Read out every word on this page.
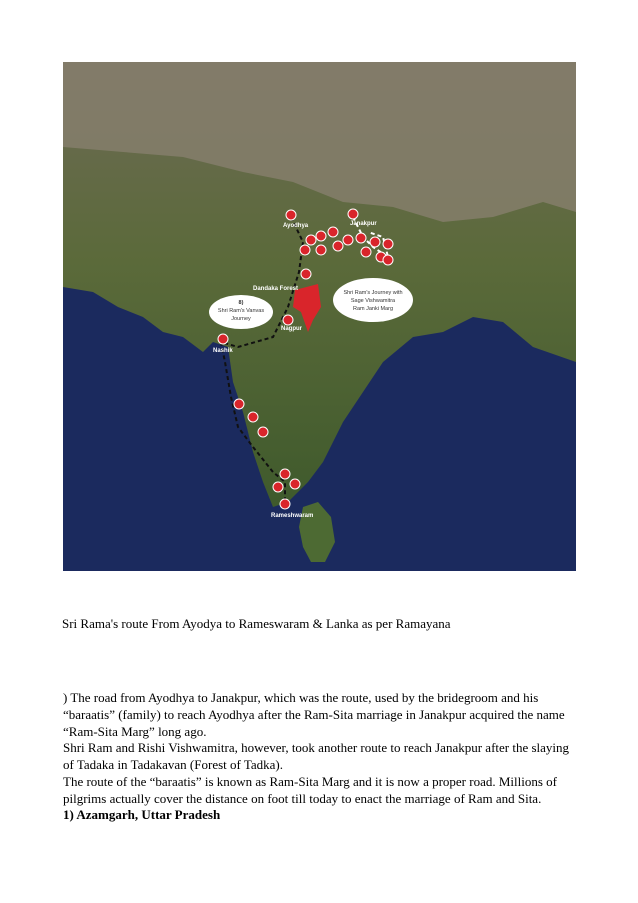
Ayodhya	Janakpur
Dandaka Forest
Nagpur
Nashik
Rameshwaram
8)
Shri Ram's Vanvas
Journey
Shri Ram's Journey with
Sage Vishwamitra
Ram Janki Marg
Sri Rama's route From Ayodya to Rameswaram & Lanka as per Ramayana

) The road from Ayodhya to Janakpur, which was the route, used by the bridegroom and his

“baraatis” (family) to reach Ayodhya after the Ram-Sita marriage in Janakpur acquired the name

“Ram-Sita Marg” long ago.

Shri Ram and Rishi Vishwamitra, however, took another route to reach Janakpur after the slaying

of Tadaka in Tadakavan (Forest of Tadka).

The route of the “baraatis” is known as Ram-Sita Marg and it is now a proper road. Millions of

pilgrims actually cover the distance on foot till today to enact the marriage of Ram and Sita.

1) Azamgarh, Uttar Pradesh
